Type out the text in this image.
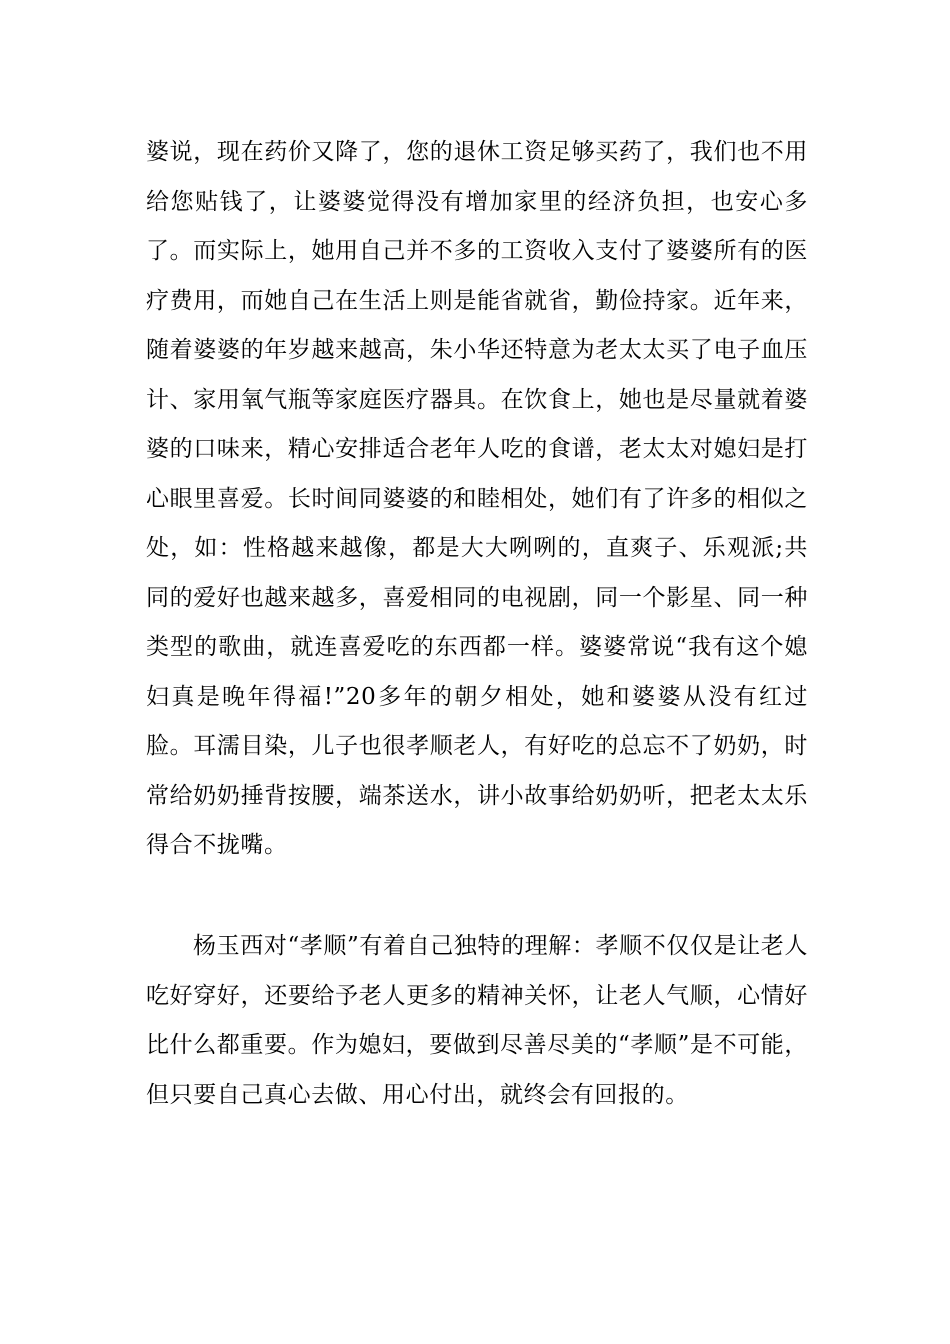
婆说，现在药价又降了，您的退休工资足够买药了，我们也不用给您贴钱了，让婆婆觉得没有增加家里的经济负担，也安心多了。而实际上，她用自己并不多的工资收入支付了婆婆所有的医疗费用，而她自己在生活上则是能省就省，勤俭持家。近年来，随着婆婆的年岁越来越高，朱小华还特意为老太太买了电子血压计、家用氧气瓶等家庭医疗器具。在饮食上，她也是尽量就着婆婆的口味来，精心安排适合老年人吃的食谱，老太太对媳妇是打心眼里喜爱。长时间同婆婆的和睦相处，她们有了许多的相似之处，如：性格越来越像，都是大大咧咧的，直爽子、乐观派;共同的爱好也越来越多，喜爱相同的电视剧，同一个影星、同一种类型的歌曲，就连喜爱吃的东西都一样。婆婆常说“我有这个媳妇真是晚年得福!”20多年的朝夕相处，她和婆婆从没有红过脸。耳濡目染，儿子也很孝顺老人，有好吃的总忘不了奶奶，时常给奶奶捶背按腰，端茶送水，讲小故事给奶奶听，把老太太乐得合不拢嘴。

杨玉西对“孝顺”有着自己独特的理解：孝顺不仅仅是让老人吃好穿好，还要给予老人更多的精神关怀，让老人气顺，心情好比什么都重要。作为媳妇，要做到尽善尽美的“孝顺”是不可能，但只要自己真心去做、用心付出，就终会有回报的。
